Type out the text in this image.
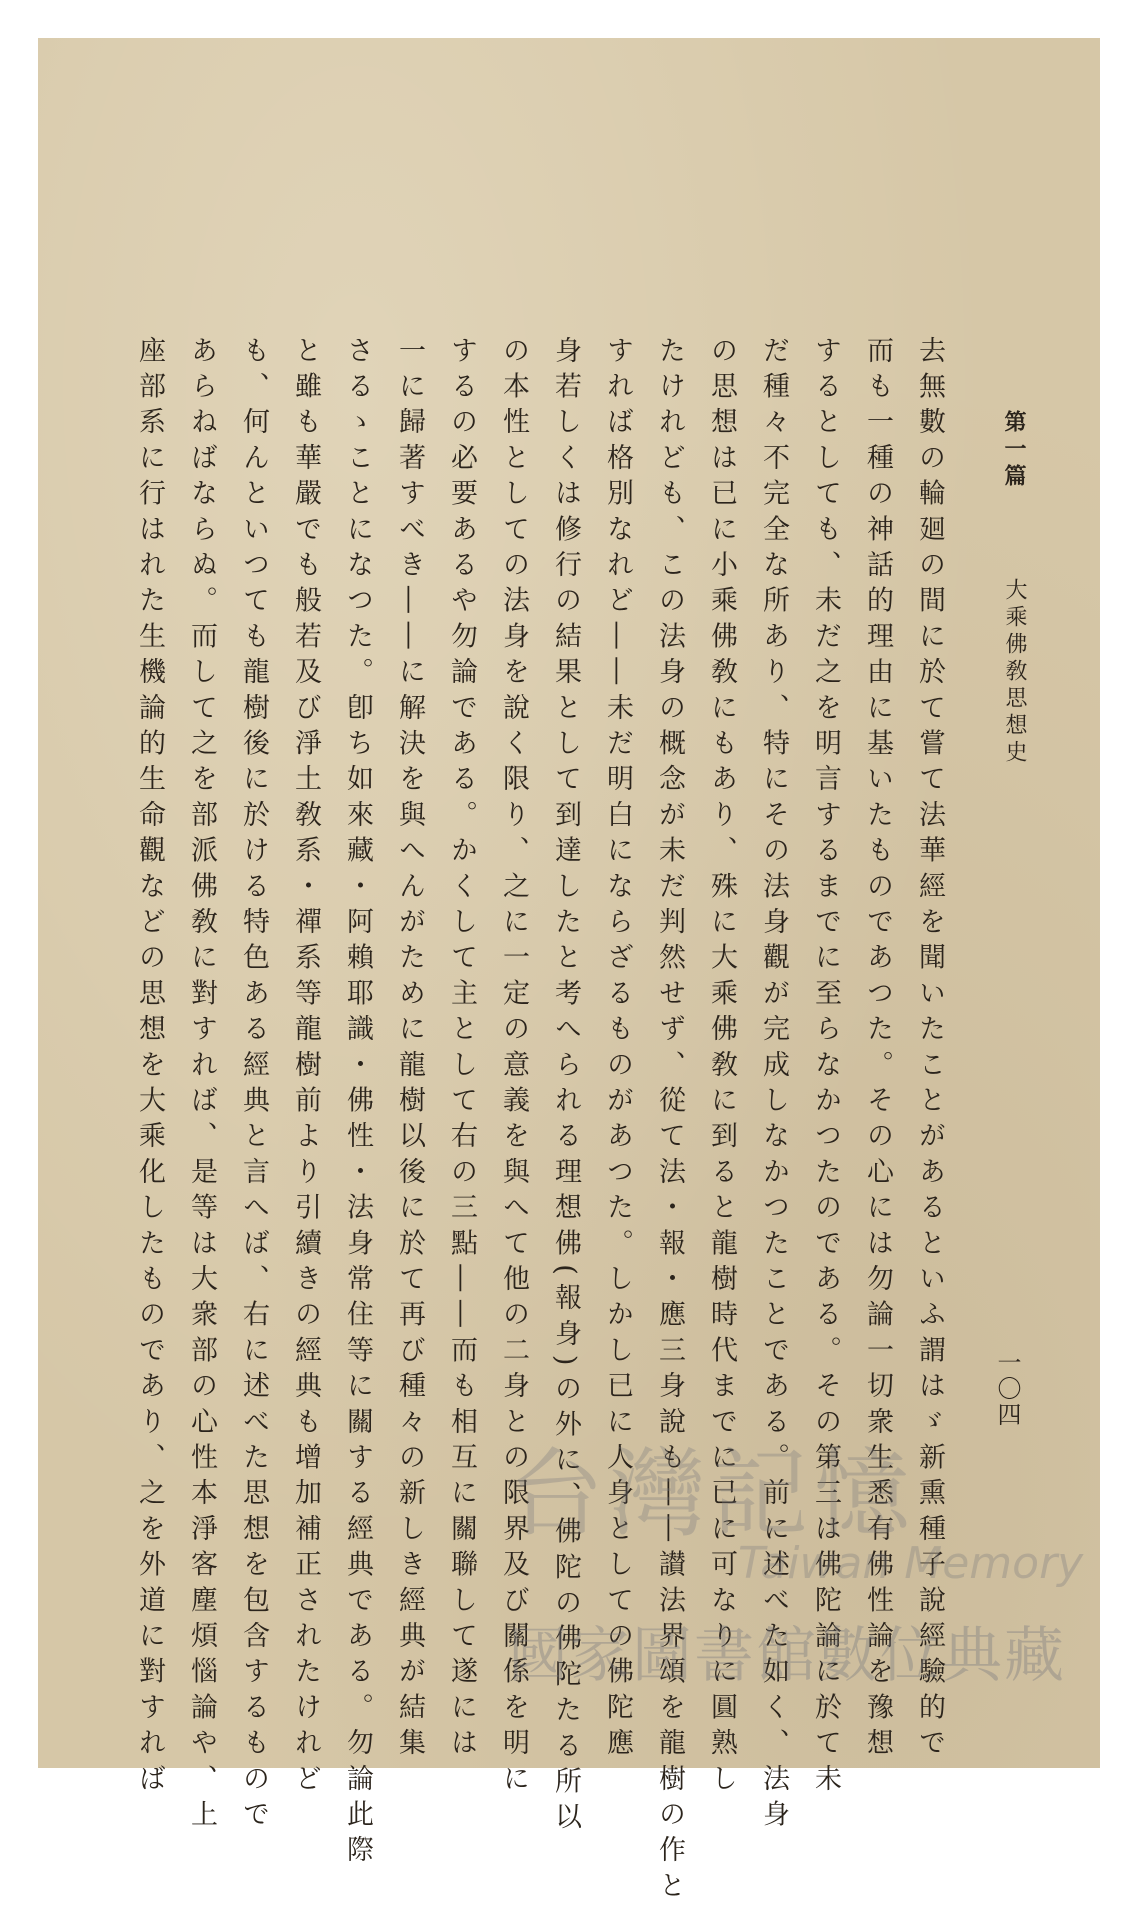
第一篇
大乘佛敎思想史
一〇四
去無數の輪廻の間に於て嘗て法華經を聞いたことがあるといふ謂はゞ新熏種子說經驗的で
而も一種の神話的理由に基いたものであつた。その心には勿論一切衆生悉有佛性論を豫想
するとしても、未だ之を明言するまでに至らなかつたのである。その第三は佛陀論に於て未
だ種々不完全な所あり、特にその法身觀が完成しなかつたことである。前に述べた如く、法身
の思想は已に小乘佛敎にもあり、殊に大乘佛敎に到ると龍樹時代までに已に可なりに圓熟し
たけれども、この法身の概念が未だ判然せず、從て法・報・應三身說も――讃法界頌を龍樹の作と
すれば格別なれど――未だ明白にならざるものがあつた。しかし已に人身としての佛陀應
身若しくは修行の結果として到達したと考へられる理想佛(報身)の外に、佛陀の佛陀たる所以
の本性としての法身を說く限り、之に一定の意義を與へて他の二身との限界及び關係を明に
するの必要あるや勿論である。かくして主として右の三點――而も相互に關聯して遂には
一に歸著すべき――に解決を與へんがために龍樹以後に於て再び種々の新しき經典が結集
さるゝことになつた。卽ち如來藏・阿賴耶識・佛性・法身常住等に關する經典である。勿論此際
と雖も華嚴でも般若及び淨土敎系・禪系等龍樹前より引續きの經典も增加補正されたけれど
も、何んといつても龍樹後に於ける特色ある經典と言へば、右に述べた思想を包含するもので
あらねばならぬ。而して之を部派佛敎に對すれば、是等は大衆部の心性本淨客塵煩惱論や、上
座部系に行はれた生機論的生命觀などの思想を大乘化したものであり、之を外道に對すれば	台灣記憶
Taiwan Memory
國家圖書館數位典藏
